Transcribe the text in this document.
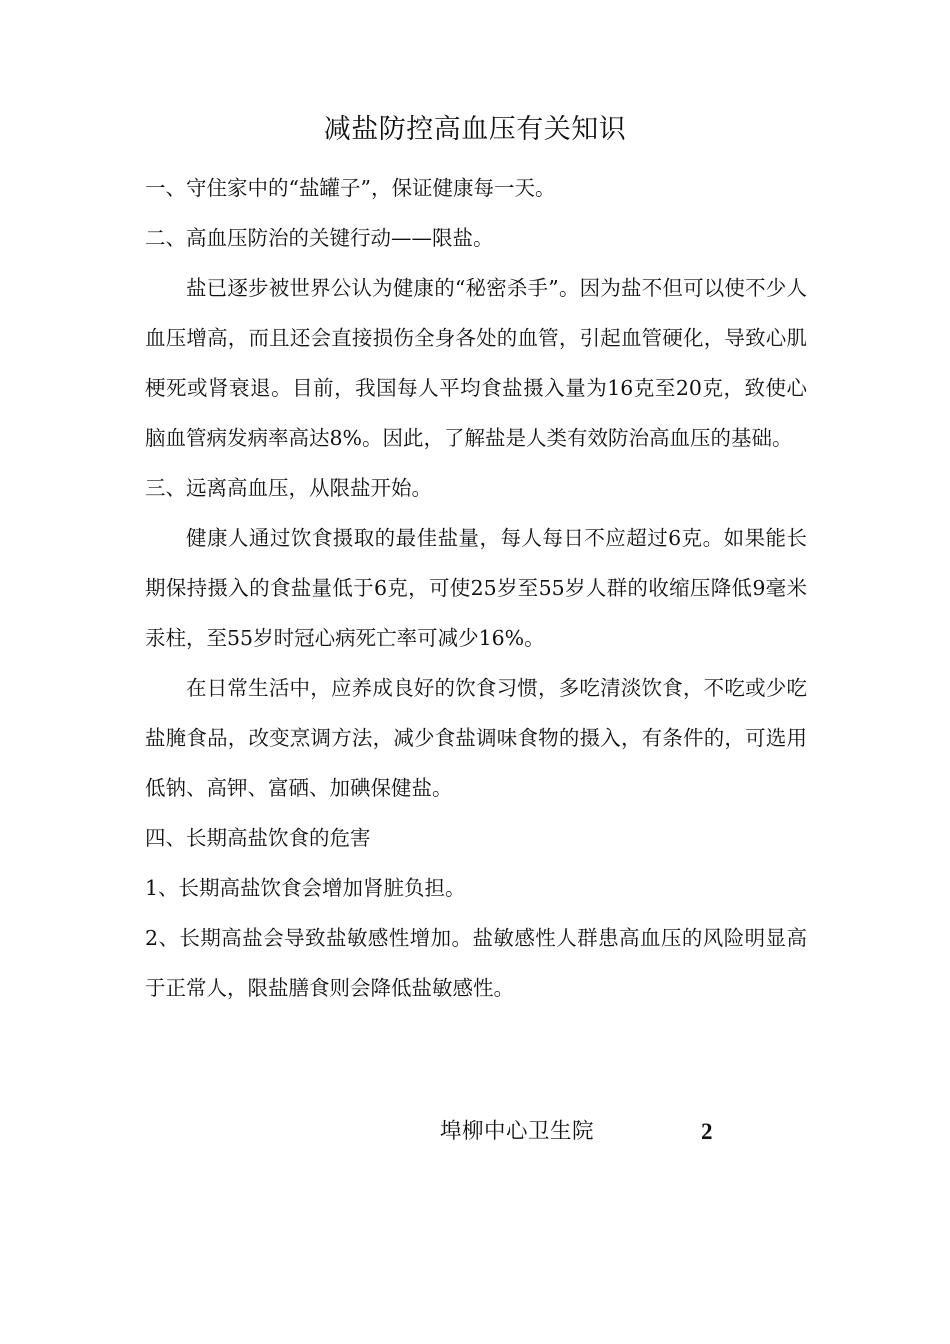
减盐防控高血压有关知识

一、守住家中的“盐罐子”，保证健康每一天。

二、高血压防治的关键行动——限盐。

盐已逐步被世界公认为健康的“秘密杀手”。因为盐不但可以使不少人血压增高，而且还会直接损伤全身各处的血管，引起血管硬化，导致心肌梗死或肾衰退。目前，我国每人平均食盐摄入量为16克至20克，致使心脑血管病发病率高达8%。因此，了解盐是人类有效防治高血压的基础。

三、远离高血压，从限盐开始。

健康人通过饮食摄取的最佳盐量，每人每日不应超过6克。如果能长期保持摄入的食盐量低于6克，可使25岁至55岁人群的收缩压降低9毫米汞柱，至55岁时冠心病死亡率可减少16%。

在日常生活中，应养成良好的饮食习惯，多吃清淡饮食，不吃或少吃盐腌食品，改变烹调方法，减少食盐调味食物的摄入，有条件的，可选用低钠、高钾、富硒、加碘保健盐。

四、长期高盐饮食的危害

1、长期高盐饮食会增加肾脏负担。

2、长期高盐会导致盐敏感性增加。盐敏感性人群患高血压的风险明显高于正常人，限盐膳食则会降低盐敏感性。

埠柳中心卫生院	2
